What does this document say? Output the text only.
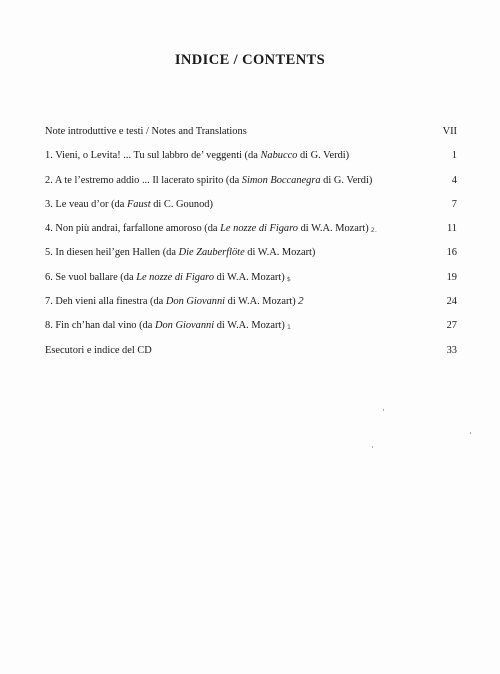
INDICE / CONTENTS
Note introduttive e testi / Notes and Translations	VII
1. Vieni, o Levita! ... Tu sul labbro de’ veggenti (da Nabucco di G. Verdi)	1
2. A te l’estremo addio ... Il lacerato spirito (da Simon Boccanegra di G. Verdi)	4
3. Le veau d’or (da Faust di C. Gounod)	7
4. Non più andrai, farfallone amoroso (da Le nozze di Figaro di W.A. Mozart) 2.	11
5. In diesen heil’gen Hallen (da Die Zauberflöte di W.A. Mozart)	16
6. Se vuol ballare (da Le nozze di Figaro di W.A. Mozart) $	19
7. Deh vieni alla finestra (da Don Giovanni di W.A. Mozart) 2	24
8. Fin ch’han dal vino (da Don Giovanni di W.A. Mozart) 1	27
Esecutori e indice del CD	33
